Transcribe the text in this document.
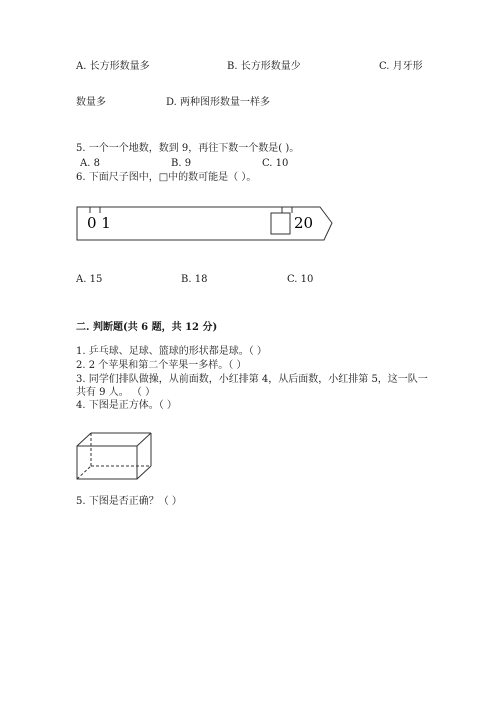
A. 长方形数量多	B. 长方形数量少	C. 月牙形
数量多	D. 两种图形数量一样多
5. 一个一个地数，数到 9，再往下数一个数是( )。
A. 8	B. 9	C. 10
6. 下面尺子图中，□中的数可能是（ ）。
0 1	20
A. 15	B. 18	C. 10
二. 判断题(共 6 题，共 12 分)
1. 乒乓球、足球、篮球的形状都是球。（ ）
2. 2 个苹果和第二个苹果一多样。（ ）
3. 同学们排队做操，从前面数，小红排第 4，从后面数，小红排第 5，这一队一
共有 9 人。 （ ）
4. 下图是正方体。（ ）
5. 下图是否正确？（ ）
